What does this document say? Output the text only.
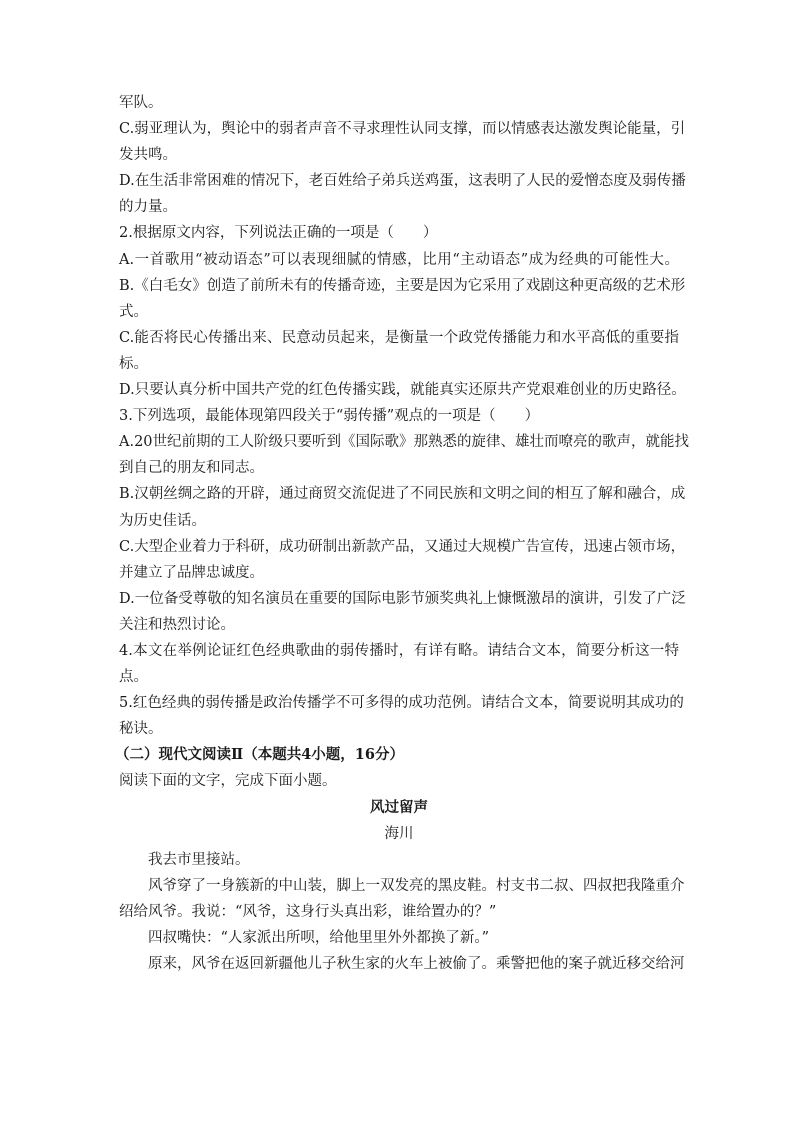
军队。
C.弱亚理认为，舆论中的弱者声音不寻求理性认同支撑，而以情感表达激发舆论能量，引
发共鸣。
D.在生活非常困难的情况下，老百姓给子弟兵送鸡蛋，这表明了人民的爱憎态度及弱传播
的力量。
2.根据原文内容，下列说法正确的一项是（　　）
A.一首歌用“被动语态”可以表现细腻的情感，比用“主动语态”成为经典的可能性大。
B.《白毛女》创造了前所未有的传播奇迹，主要是因为它采用了戏剧这种更高级的艺术形
式。
C.能否将民心传播出来、民意动员起来，是衡量一个政党传播能力和水平高低的重要指
标。
D.只要认真分析中国共产党的红色传播实践，就能真实还原共产党艰难创业的历史路径。
3.下列选项，最能体现第四段关于“弱传播”观点的一项是（　　）
A.20世纪前期的工人阶级只要听到《国际歌》那熟悉的旋律、雄壮而嘹亮的歌声，就能找
到自己的朋友和同志。
B.汉朝丝绸之路的开辟，通过商贸交流促进了不同民族和文明之间的相互了解和融合，成
为历史佳话。
C.大型企业着力于科研，成功研制出新款产品，又通过大规模广告宣传，迅速占领市场，
并建立了品牌忠诚度。
D.一位备受尊敬的知名演员在重要的国际电影节颁奖典礼上慷慨激昂的演讲，引发了广泛
关注和热烈讨论。
4.本文在举例论证红色经典歌曲的弱传播时，有详有略。请结合文本，简要分析这一特
点。
5.红色经典的弱传播是政治传播学不可多得的成功范例。请结合文本，简要说明其成功的
秘诀。
（二）现代文阅读Ⅱ（本题共4小题，16分）
阅读下面的文字，完成下面小题。
风过留声
海川
我去市里接站。
风爷穿了一身簇新的中山装，脚上一双发亮的黑皮鞋。村支书二叔、四叔把我隆重介
绍给风爷。我说：“风爷，这身行头真出彩，谁给置办的？”
四叔嘴快：“人家派出所呗，给他里里外外都换了新。”
原来，风爷在返回新疆他儿子秋生家的火车上被偷了。乘警把他的案子就近移交给河
